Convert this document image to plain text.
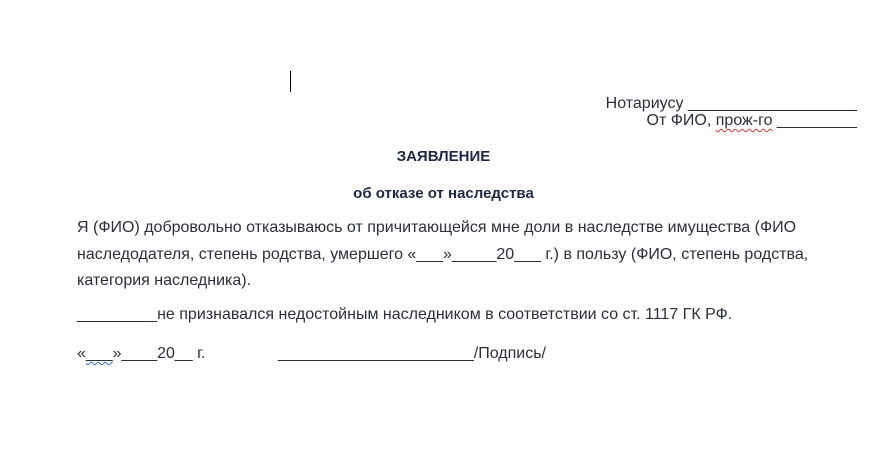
Нотариусу ___________________

От ФИО, прож-го _________
ЗАЯВЛЕНИЕ
об отказе от наследства
Я (ФИО) добровольно отказываюсь от причитающейся мне доли в наследстве имущества (ФИО
наследодателя, степень родства, умершего «___»_____20___ г.) в пользу (ФИО, степень родства,
категория наследника).
_________не признавался недостойным наследником в соответствии со ст. 1117 ГК РФ.
«___»____20__ г.	______________________/Подпись/
